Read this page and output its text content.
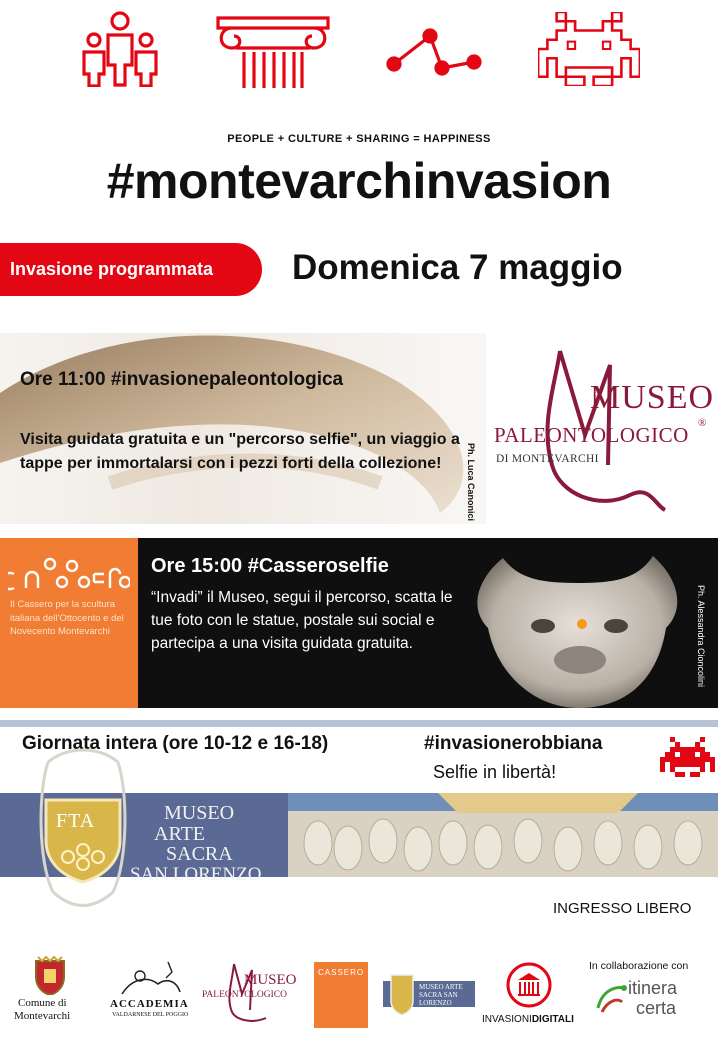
PEOPLE + CULTURE + SHARING = HAPPINESS
#montevarchinvasion
Invasione programmata	Domenica 7 maggio
Ore 11:00 #invasionepaleontologica
Visita guidata gratuita e un "percorso selfie", un viaggio a tappe per immortalarsi con i pezzi forti della collezione!	Ph. Luca Canonici
MUSEO
PALEONTOLOGICO ®
DI MONTEVARCHI
Il Cassero per la scultura italiana dell'Ottocento e del Novecento Montevarchi
Ore 15:00 #Casseroselfie
“Invadi” il Museo, segui il percorso, scatta le tue foto con le statue, postale sui social e partecipa a una visita guidata gratuita.	Ph. Alessandra Cioncolini
Giornata intera (ore 10-12 e 16-18)	#invasionerobbiana
Selfie in libertà!
FTA	MUSEO
ARTE
SACRA
SAN LORENZO
INGRESSO LIBERO
Comune di
Montevarchi
ACCADEMIA
VALDARNESE DEL POGGIO
MUSEO
PALEONTOLOGICO
CASSERO
MUSEO ARTE SACRA SAN LORENZO
INVASIONIDIGITALI
In collaborazione con
itinera
certa
